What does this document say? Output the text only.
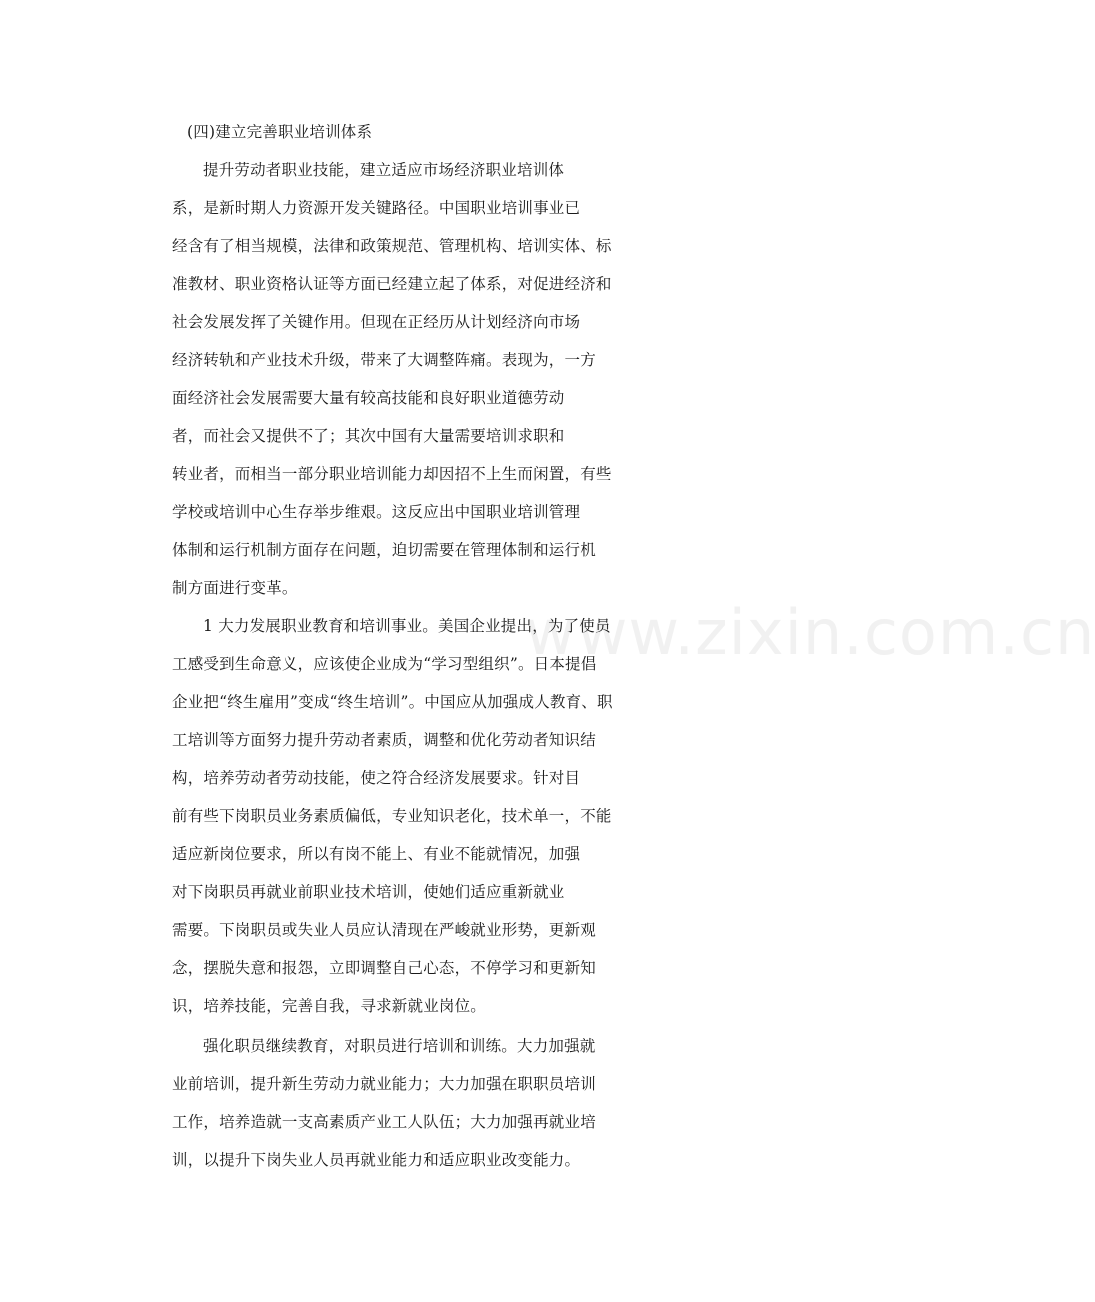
www.zixin.com.cn
(四)建立完善职业培训体系
提升劳动者职业技能，建立适应市场经济职业培训体
系，是新时期人力资源开发关键路径。中国职业培训事业已
经含有了相当规模，法律和政策规范、管理机构、培训实体、标
准教材、职业资格认证等方面已经建立起了体系，对促进经济和
社会发展发挥了关键作用。但现在正经历从计划经济向市场
经济转轨和产业技术升级，带来了大调整阵痛。表现为，一方
面经济社会发展需要大量有较高技能和良好职业道德劳动
者，而社会又提供不了；其次中国有大量需要培训求职和
转业者，而相当一部分职业培训能力却因招不上生而闲置，有些
学校或培训中心生存举步维艰。这反应出中国职业培训管理
体制和运行机制方面存在问题，迫切需要在管理体制和运行机
制方面进行变革。
1 大力发展职业教育和培训事业。美国企业提出，为了使员
工感受到生命意义，应该使企业成为“学习型组织”。日本提倡
企业把“终生雇用”变成“终生培训”。中国应从加强成人教育、职
工培训等方面努力提升劳动者素质，调整和优化劳动者知识结
构，培养劳动者劳动技能，使之符合经济发展要求。针对目
前有些下岗职员业务素质偏低，专业知识老化，技术单一，不能
适应新岗位要求，所以有岗不能上、有业不能就情况，加强
对下岗职员再就业前职业技术培训，使她们适应重新就业
需要。下岗职员或失业人员应认清现在严峻就业形势，更新观
念，摆脱失意和报怨，立即调整自己心态，不停学习和更新知
识，培养技能，完善自我，寻求新就业岗位。
强化职员继续教育，对职员进行培训和训练。大力加强就
业前培训，提升新生劳动力就业能力；大力加强在职职员培训
工作，培养造就一支高素质产业工人队伍；大力加强再就业培
训，以提升下岗失业人员再就业能力和适应职业改变能力。
